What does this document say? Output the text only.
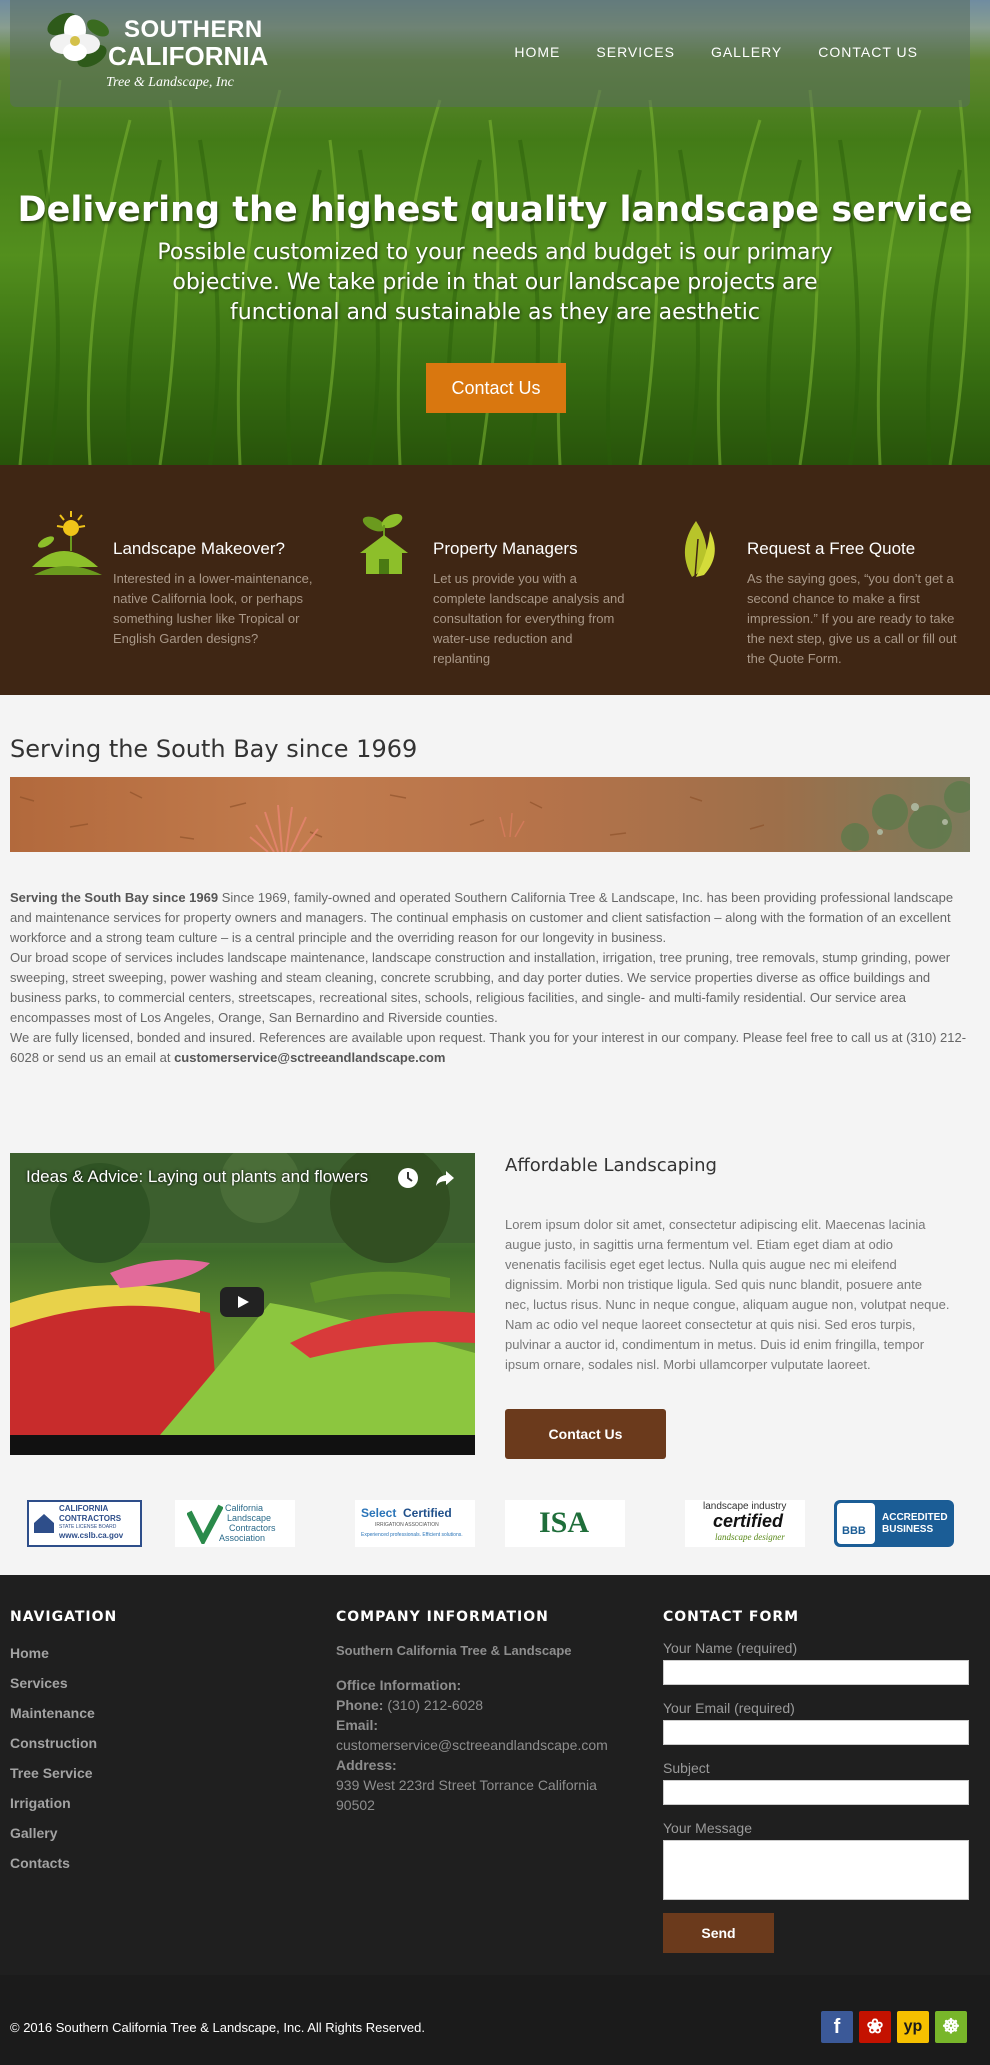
SOUTHERN
CALIFORNIA
Tree & Landscape, Inc
HOME	SERVICES	GALLERY	CONTACT US
Delivering the highest quality landscape service

Possible customized to your needs and budget is our primary objective. We take pride in that our landscape projects are functional and sustainable as they are aesthetic

Contact Us
Landscape Makeover?
Interested in a lower-maintenance, native California look, or perhaps something lusher like Tropical or English Garden designs?
Property Managers
Let us provide you with a complete landscape analysis and consultation for everything from water-use reduction and replanting
Request a Free Quote
As the saying goes, “you don’t get a second chance to make a first impression.” If you are ready to take the next step, give us a call or fill out the Quote Form.
Serving the South Bay since 1969

Serving the South Bay since 1969 Since 1969, family-owned and operated Southern California Tree & Landscape, Inc. has been providing professional landscape and maintenance services for property owners and managers. The continual emphasis on customer and client satisfaction – along with the formation of an excellent workforce and a strong team culture – is a central principle and the overriding reason for our longevity in business.

Our broad scope of services includes landscape maintenance, landscape construction and installation, irrigation, tree pruning, tree removals, stump grinding, power sweeping, street sweeping, power washing and steam cleaning, concrete scrubbing, and day porter duties. We service properties diverse as office buildings and business parks, to commercial centers, streetscapes, recreational sites, schools, religious facilities, and single- and multi-family residential. Our service area encompasses most of Los Angeles, Orange, San Bernardino and Riverside counties.

We are fully licensed, bonded and insured. References are available upon request. Thank you for your interest in our company. Please feel free to call us at (310) 212-6028 or send us an email at customerservice@sctreeandlandscape.com

Ideas & Advice: Laying out plants and flowers
Affordable Landscaping

Lorem ipsum dolor sit amet, consectetur adipiscing elit. Maecenas lacinia augue justo, in sagittis urna fermentum vel. Etiam eget diam at odio venenatis facilisis eget eget lectus. Nulla quis augue nec mi eleifend dignissim. Morbi non tristique ligula. Sed quis nunc blandit, posuere ante nec, luctus risus. Nunc in neque congue, aliquam augue non, volutpat neque. Nam ac odio vel neque laoreet consectetur at quis nisi. Sed eros turpis, pulvinar a auctor id, condimentum in metus. Duis id enim fringilla, tempor ipsum ornare, sodales nisl. Morbi ullamcorper vulputate laoreet.

Contact Us
CALIFORNIA
CONTRACTORS
STATE LICENSE BOARD
www.cslb.ca.gov
California
Landscape
Contractors
Association
Select Certified
IRRIGATION ASSOCIATION
Experienced professionals. Efficient solutions.	ISA	landscape industry
certified
landscape designer	BBB
ACCREDITED
BUSINESS
NAVIGATION
Home
Services
Maintenance
Construction
Tree Service
Irrigation
Gallery
Contacts
COMPANY INFORMATION
Southern California Tree & Landscape
Office Information:
Phone: (310) 212-6028
Email:
customerservice@sctreeandlandscape.com
Address:
939 West 223rd Street Torrance California 90502
CONTACT FORM
Your Name (required)
Your Email (required)
Subject
Your Message
Send
© 2016 Southern California Tree & Landscape, Inc. All Rights Reserved.	f	❀	yp ☸
